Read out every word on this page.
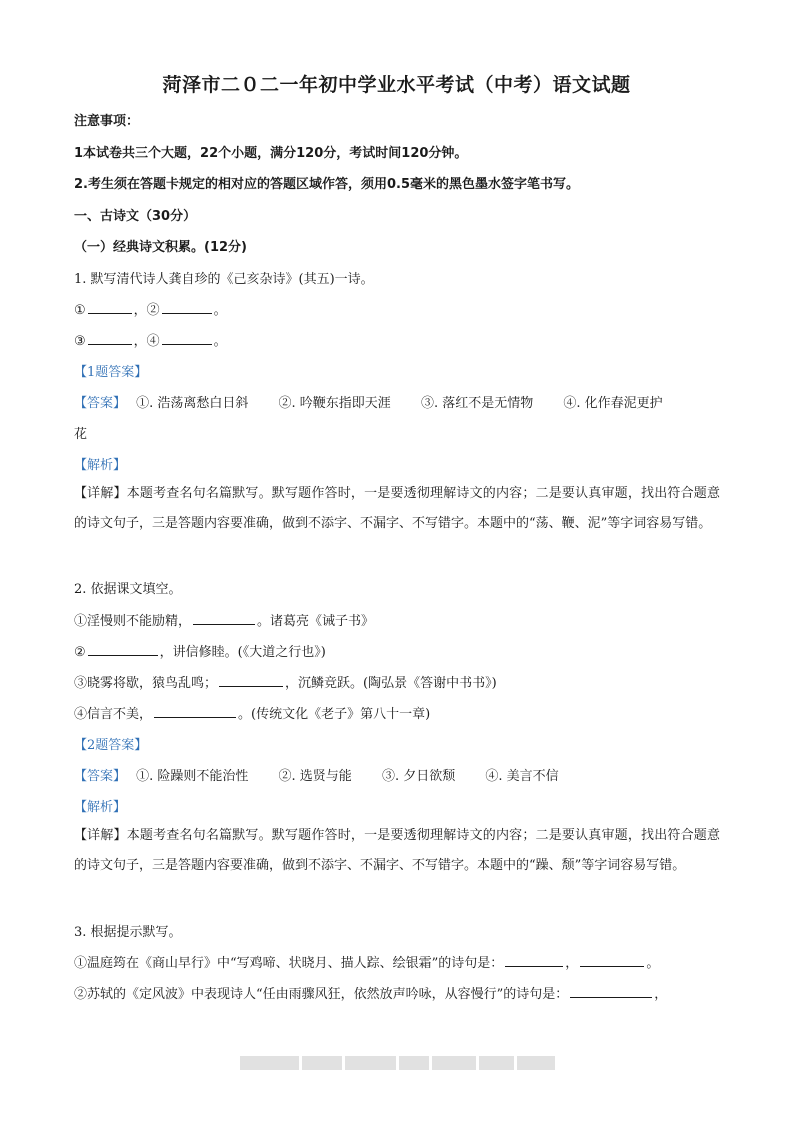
菏泽市二０二一年初中学业水平考试（中考）语文试题
注意事项：
1本试卷共三个大题，22个小题，满分120分，考试时间120分钟。
2.考生须在答题卡规定的相对应的答题区域作答，须用0.5毫米的黑色墨水签字笔书写。
一、古诗文（30分）
（一）经典诗文积累。(12分)
1. 默写清代诗人龚自珍的《己亥杂诗》(其五)一诗。
①	，②	。
③	，④	。
【1题答案】
【答案】 ①. 浩荡离愁白日斜 ②. 吟鞭东指即天涯 ③. 落红不是无情物 ④. 化作春泥更护
花
【解析】
【详解】本题考查名句名篇默写。默写题作答时，一是要透彻理解诗文的内容；二是要认真审题，找出符合题意的诗文句子，三是答题内容要准确，做到不添字、不漏字、不写错字。本题中的“荡、鞭、泥”等字词容易写错。
2. 依据课文填空。
①淫慢则不能励精，	。诸葛亮《诫子书》
②	，讲信修睦。(《大道之行也》)
③晓雾将歇，猿鸟乱鸣；	，沉鳞竞跃。(陶弘景《答谢中书书》)
④信言不美，	。(传统文化《老子》第八十一章)
【2题答案】
【答案】 ①. 险躁则不能治性 ②. 选贤与能 ③. 夕日欲颓 ④. 美言不信
【解析】
【详解】本题考查名句名篇默写。默写题作答时，一是要透彻理解诗文的内容；二是要认真审题，找出符合题意的诗文句子，三是答题内容要准确，做到不添字、不漏字、不写错字。本题中的“躁、颓”等字词容易写错。
3. 根据提示默写。
①温庭筠在《商山早行》中“写鸡啼、状晓月、描人踪、绘银霜”的诗句是：	，	。
②苏轼的《定风波》中表现诗人“任由雨骤风狂，依然放声吟咏，从容慢行”的诗句是：	，
